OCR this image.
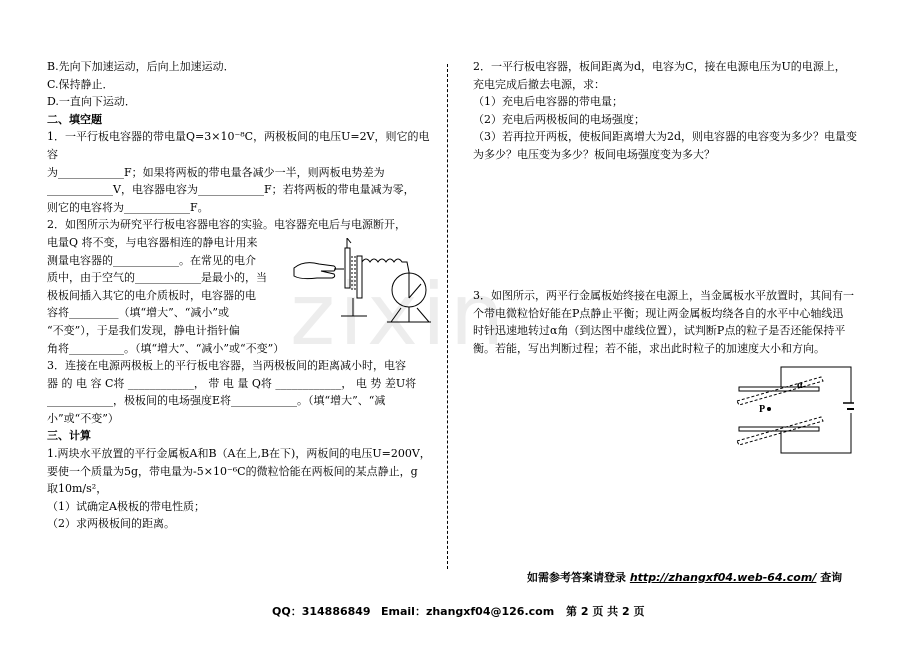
zixin

B.先向下加速运动，后向上加速运动．

C.保持静止．

D.一直向下运动．

二、填空题

1．一平行板电容器的带电量Q=3×10⁻⁸C，两极板间的电压U=2V，则它的电容

为____________F；如果将两板的带电量各减少一半，则两板电势差为

____________V，电容器电容为____________F；若将两板的带电量减为零，

则它的电容将为____________F。

2．如图所示为研究平行板电容器电容的实验。电容器充电后与电源断开，

电量Q 将不变，与电容器相连的静电计用来

测量电容器的____________。在常见的电介

质中，由于空气的____________是最小的，当

极板间插入其它的电介质板时，电容器的电

容将_________（填“增大”、“减小”或

“不变”），于是我们发现，静电计指针偏

角将__________。（填“增大”、“减小”或“不变”）

3．连接在电源两极板上的平行板电容器，当两极板间的距离减小时，电容

器 的 电 容 C将 ____________， 带 电 量 Q将 ____________， 电 势 差U将

____________，极板间的电场强度E将____________。（填“增大”、“减

小”或“不变”）

三、计算

1.两块水平放置的平行金属板A和B（A在上,B在下)，两板间的电压U=200V，

要使一个质量为5g，带电量为-5×10⁻⁶C的微粒恰能在两板间的某点静止，g

取10m/s²，

（1）试确定A极板的带电性质；

（2）求两极板间的距离。

2．一平行板电容器，板间距离为d，电容为C，接在电源电压为U的电源上，

充电完成后撤去电源，求：

（1）充电后电容器的带电量；

（2）充电后两极板间的电场强度；

（3）若再拉开两板，使板间距离增大为2d，则电容器的电容变为多少？电量变

为多少？电压变为多少？板间电场强度变为多大？

3．如图所示，两平行金属板始终接在电源上，当金属板水平放置时，其间有一

个带电微粒恰好能在P点静止平衡；现让两金属板均绕各自的水平中心轴线迅

时针迅速地转过α角（到达图中虚线位置），试判断P点的粒子是否还能保持平

衡。若能，写出判断过程；若不能，求出此时粒子的加速度大小和方向。

α
P
如需参考答案请登录 http://zhangxf04.web-64.com/ 查询
QQ：314886849 Email：zhangxf04@126.com 第 2 页 共 2 页
